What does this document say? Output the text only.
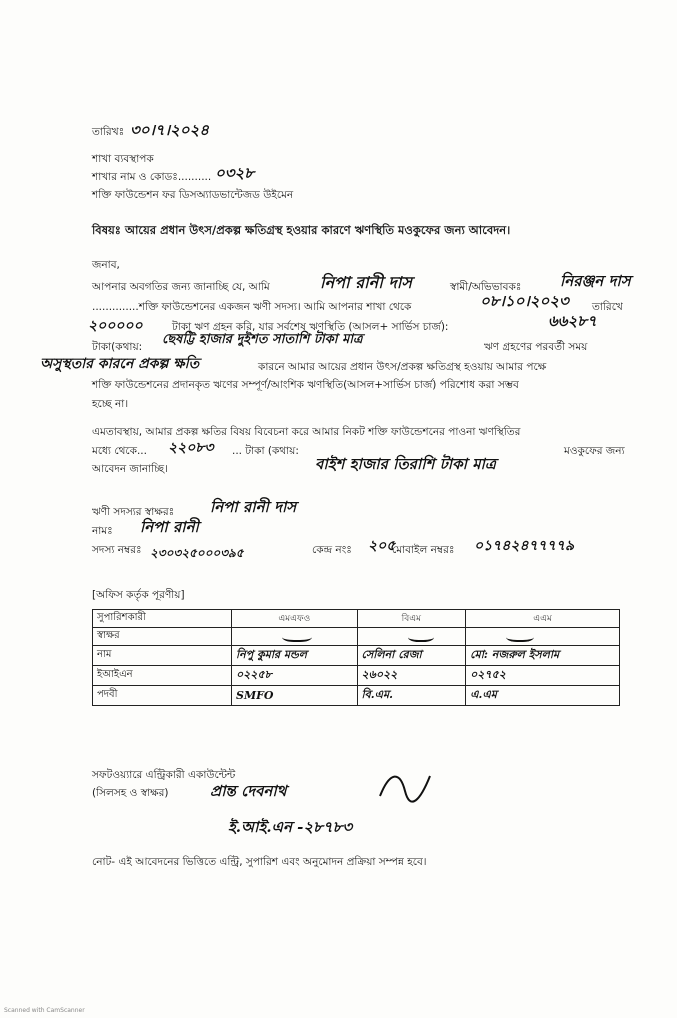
তারিখঃ ৩০।৭।২০২৪
শাখা ব্যবস্থাপক
শাখার নাম ও কোডঃ.......... ০৩২৮
শক্তি ফাউন্ডেশন ফর ডিসঅ্যাডভান্টেজড উইমেন
বিষয়ঃ আয়ের প্রধান উৎস/প্রকল্প ক্ষতিগ্রস্থ হওয়ার কারণে ঋণস্থিতি মওকুফের জন্য আবেদন।
জনাব,
আপনার অবগতির জন্য জানাচ্ছি যে, আমি	নিপা রানী দাস	স্বামী/অভিভাবকঃ	নিরঞ্জন দাস
..............শক্তি ফাউন্ডেশনের একজন ঋণী সদস্য। আমি আপনার শাখা থেকে	০৮।১০।২০২৩ তারিখে
২০০০০০	টাকা ঋণ গ্রহন করি, যার সর্বশেষ ঋণস্থিতি (আসল+ সার্ভিস চার্জ):	৬৬২৮৭
টাকা(কথায়: ছেষট্টি হাজার দুইশত সাতাশি টাকা মাত্র	ঋণ গ্রহণের পরবর্তী সময়
অসুস্থতার কারনে প্রকল্প ক্ষতি	কারনে আমার আয়ের প্রধান উৎস/প্রকল্প ক্ষতিগ্রস্থ হওয়ায় আমার পক্ষে
শক্তি ফাউন্ডেশনের প্রদানকৃত ঋণের সম্পূর্ণ/আংশিক ঋণস্থিতি(আসল+সার্ভিস চার্জ) পরিশোধ করা সম্ভব
হচ্ছে না।
এমতাবস্থায়, আমার প্রকল্প ক্ষতির বিষয় বিবেচনা করে আমার নিকট শক্তি ফাউন্ডেশনের পাওনা ঋণস্থিতির
মধ্যে থেকে... ২২০৮৩ ... টাকা (কথায়:	মওকুফের জন্য
আবেদন জানাচ্ছি।	বাইশ হাজার তিরাশি টাকা মাত্র
ঋণী সদস্যর স্বাক্ষরঃ নিপা রানী দাস
নামঃ নিপা রানী
সদস্য নম্বরঃ ২৩০৩২৫০০০৩৯৫	কেন্দ্র নংঃ ২০৫
মোবাইল নম্বরঃ ০১৭৪২৪৭৭৭৭৯
[অফিস কর্তৃক পূরণীয়]
সুপারিশকারী	এমএফও	বিএম	এএম
স্বাক্ষর	

নাম	নিপু কুমার মন্ডল	সেলিনা রেজা	মো: নজরুল ইসলাম
ইআইএন	০২২৫৮	২৬০২২	০২৭৫২
পদবী	SMFO	বি.এম.	এ.এম
সফটওয়্যারে এন্ট্রিকারী একাউন্টেন্ট
(সিলসহ ও স্বাক্ষর)	প্রান্ত দেবনাথ
ই.আই.এন -২৮৭৮৩
নোট- এই আবেদনের ভিত্তিতে এন্ট্রি, সুপারিশ এবং অনুমোদন প্রক্রিয়া সম্পন্ন হবে।
Scanned with CamScanner
